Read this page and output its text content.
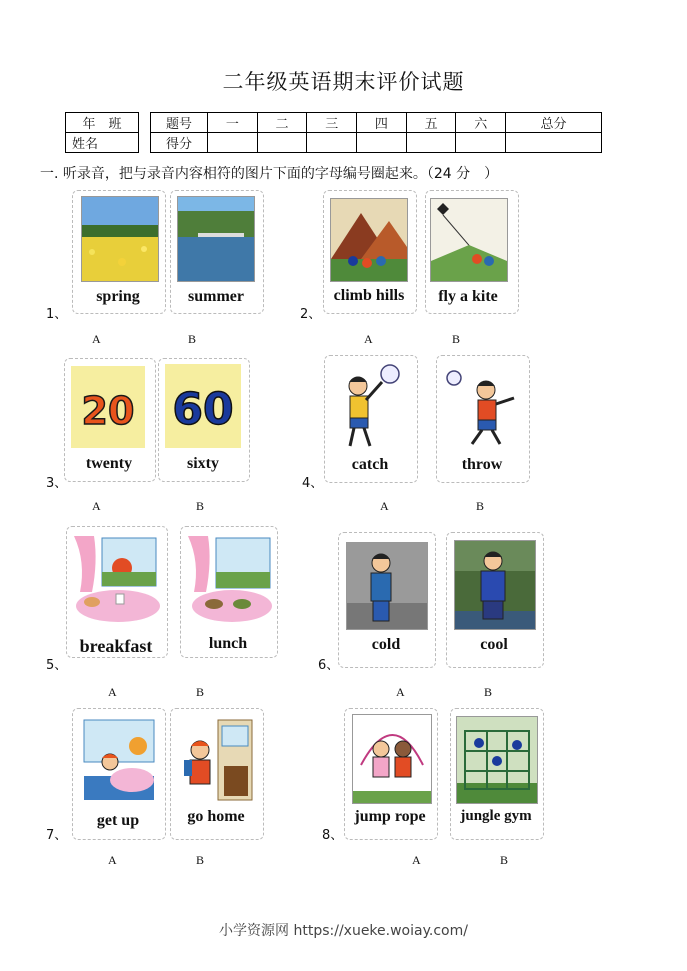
二年级英语期末评价试题
年　班
姓名
题号	一	二	三	四	五	六	总分
得分							
一. 听录音，把与录音内容相符的图片下面的字母编号圈起来。（24 分　）
spring	summer
1、
A	B
climb hills	fly a kite
2、
A	B
20
twenty
60
sixty
3、
A	B
catch	throw
4、
A	B
breakfast	lunch
5、
A	B
cold	cool
6、
A	B
get up	go home
7、
A	B
jump rope	jungle gym
8、
A	B
小学资源网 https://xueke.woiay.com/
